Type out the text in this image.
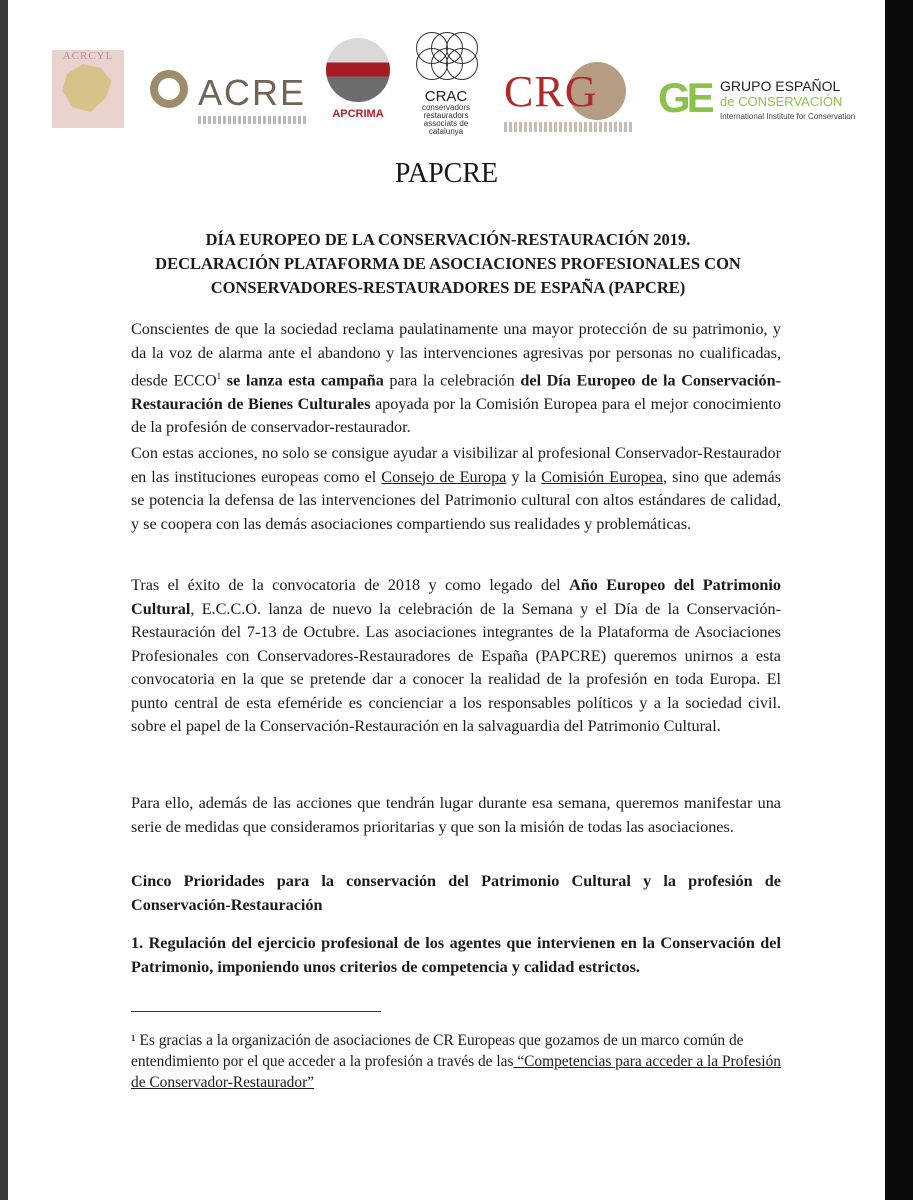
ACRCYL
ACRE
APCRIMA
CRAC
conservadors restauradors
associats de catalunya
CRG GE GRUPO ESPAÑOL
de CONSERVACIÓN
International Institute for Conservation
PAPCRE
DÍA EUROPEO DE LA CONSERVACIÓN-RESTAURACIÓN 2019.
DECLARACIÓN PLATAFORMA DE ASOCIACIONES PROFESIONALES CON
CONSERVADORES-RESTAURADORES DE ESPAÑA (PAPCRE)
Conscientes de que la sociedad reclama paulatinamente una mayor protección de su patrimonio, y da la voz de alarma ante el abandono y las intervenciones agresivas por personas no cualificadas, desde ECCO$^1$ se lanza esta campaña para la celebración del Día Europeo de la Conservación-Restauración de Bienes Culturales apoyada por la Comisión Europea para el mejor conocimiento de la profesión de conservador-restaurador.
Con estas acciones, no solo se consigue ayudar a visibilizar al profesional Conservador-Restaurador en las instituciones europeas como el Consejo de Europa y la Comisión Europea, sino que además se potencia la defensa de las intervenciones del Patrimonio cultural con altos estándares de calidad, y se coopera con las demás asociaciones compartiendo sus realidades y problemáticas.
Tras el éxito de la convocatoria de 2018 y como legado del Año Europeo del Patrimonio Cultural, E.C.C.O. lanza de nuevo la celebración de la Semana y el Día de la Conservación-Restauración del 7-13 de Octubre. Las asociaciones integrantes de la Plataforma de Asociaciones Profesionales con Conservadores-Restauradores de España (PAPCRE) queremos unirnos a esta convocatoria en la que se pretende dar a conocer la realidad de la profesión en toda Europa. El punto central de esta efeméride es concienciar a los responsables políticos y a la sociedad civil. sobre el papel de la Conservación-Restauración en la salvaguardia del Patrimonio Cultural.
Para ello, además de las acciones que tendrán lugar durante esa semana, queremos manifestar una serie de medidas que consideramos prioritarias y que son la misión de todas las asociaciones.
Cinco Prioridades para la conservación del Patrimonio Cultural y la profesión de Conservación-Restauración
1. Regulación del ejercicio profesional de los agentes que intervienen en la Conservación del Patrimonio, imponiendo unos criterios de competencia y calidad estrictos.
¹ Es gracias a la organización de asociaciones de CR Europeas que gozamos de un marco común de entendimiento por el que acceder a la profesión a través de las “Competencias para acceder a la Profesión de Conservador-Restaurador”
